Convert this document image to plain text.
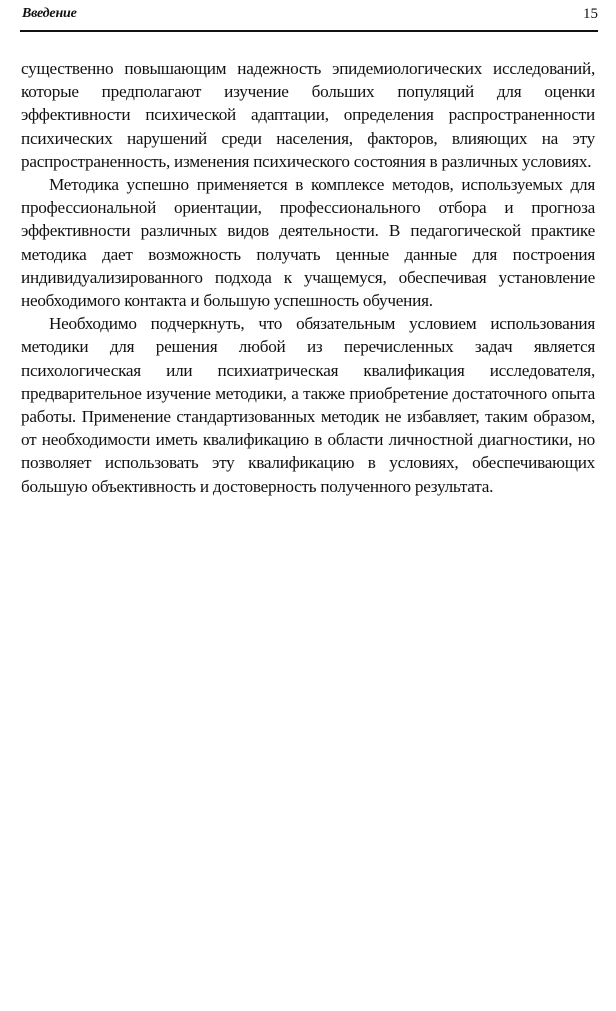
Введение	15

существенно повышающим надежность эпидемиологических исследований, которые предполагают изучение больших популяций для оценки эффективности психической адаптации, определения распространенности психических нарушений среди населения, факторов, влияющих на эту распространенность, изменения психического состояния в различных условиях.

Методика успешно применяется в комплексе методов, используемых для профессиональной ориентации, профессионального отбора и прогноза эффективности различных видов деятельности. В педагогической практике методика дает возможность получать ценные данные для построения индивидуализированного подхода к учащемуся, обеспечивая установление необходимого контакта и большую успешность обучения.

Необходимо подчеркнуть, что обязательным условием использования методики для решения любой из перечисленных задач является психологическая или психиатрическая квалификация исследователя, предварительное изучение методики, а также приобретение достаточного опыта работы. Применение стандартизованных методик не избавляет, таким образом, от необходимости иметь квалификацию в области личностной диагностики, но позволяет использовать эту квалификацию в условиях, обеспечивающих большую объективность и достоверность полученного результата.
